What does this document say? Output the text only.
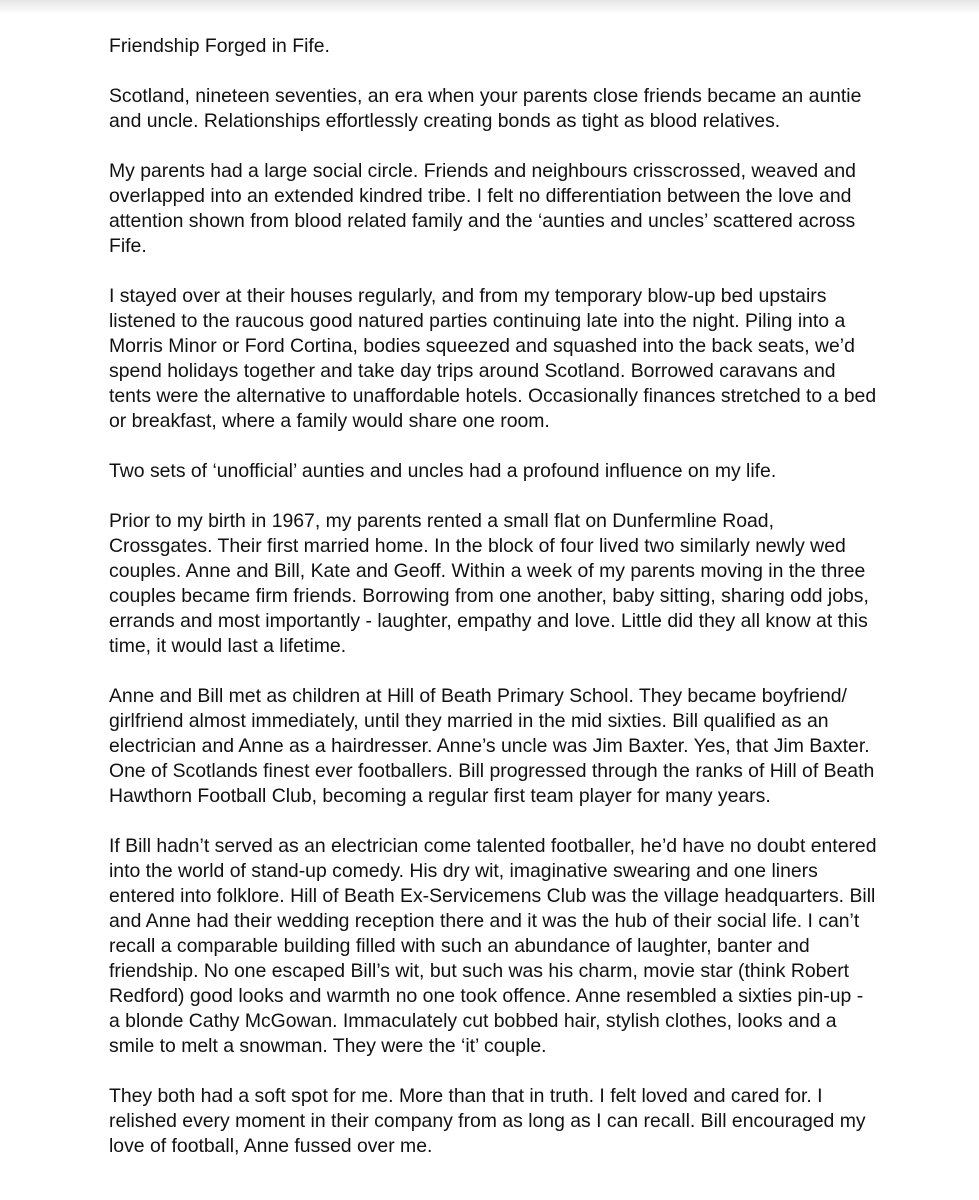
Friendship Forged in Fife.

Scotland, nineteen seventies, an era when your parents close friends became an auntie and uncle. Relationships effortlessly creating bonds as tight as blood relatives.

My parents had a large social circle. Friends and neighbours crisscrossed, weaved and overlapped into an extended kindred tribe. I felt no differentiation between the love and attention shown from blood related family and the ‘aunties and uncles’ scattered across Fife.

I stayed over at their houses regularly, and from my temporary blow-up bed upstairs listened to the raucous good natured parties continuing late into the night. Piling into a Morris Minor or Ford Cortina, bodies squeezed and squashed into the back seats, we’d spend holidays together and take day trips around Scotland. Borrowed caravans and tents were the alternative to unaffordable hotels. Occasionally finances stretched to a bed or breakfast, where a family would share one room.

Two sets of ‘unofficial’ aunties and uncles had a profound influence on my life.

Prior to my birth in 1967, my parents rented a small flat on Dunfermline Road, Crossgates. Their first married home. In the block of four lived two similarly newly wed couples. Anne and Bill, Kate and Geoff. Within a week of my parents moving in the three couples became firm friends. Borrowing from one another, baby sitting, sharing odd jobs, errands and most importantly - laughter, empathy and love. Little did they all know at this time, it would last a lifetime.

Anne and Bill met as children at Hill of Beath Primary School. They became boyfriend/ girlfriend almost immediately, until they married in the mid sixties. Bill qualified as an electrician and Anne as a hairdresser. Anne’s uncle was Jim Baxter. Yes, that Jim Baxter. One of Scotlands finest ever footballers. Bill progressed through the ranks of Hill of Beath Hawthorn Football Club, becoming a regular first team player for many years.

If Bill hadn’t served as an electrician come talented footballer, he’d have no doubt entered into the world of stand-up comedy. His dry wit, imaginative swearing and one liners entered into folklore. Hill of Beath Ex-Servicemens Club was the village headquarters. Bill and Anne had their wedding reception there and it was the hub of their social life. I can’t recall a comparable building filled with such an abundance of laughter, banter and friendship. No one escaped Bill’s wit, but such was his charm, movie star (think Robert Redford) good looks and warmth no one took offence. Anne resembled a sixties pin-up - a blonde Cathy McGowan. Immaculately cut bobbed hair, stylish clothes, looks and a smile to melt a snowman. They were the ‘it’ couple.

They both had a soft spot for me. More than that in truth. I felt loved and cared for. I relished every moment in their company from as long as I can recall. Bill encouraged my love of football, Anne fussed over me.
